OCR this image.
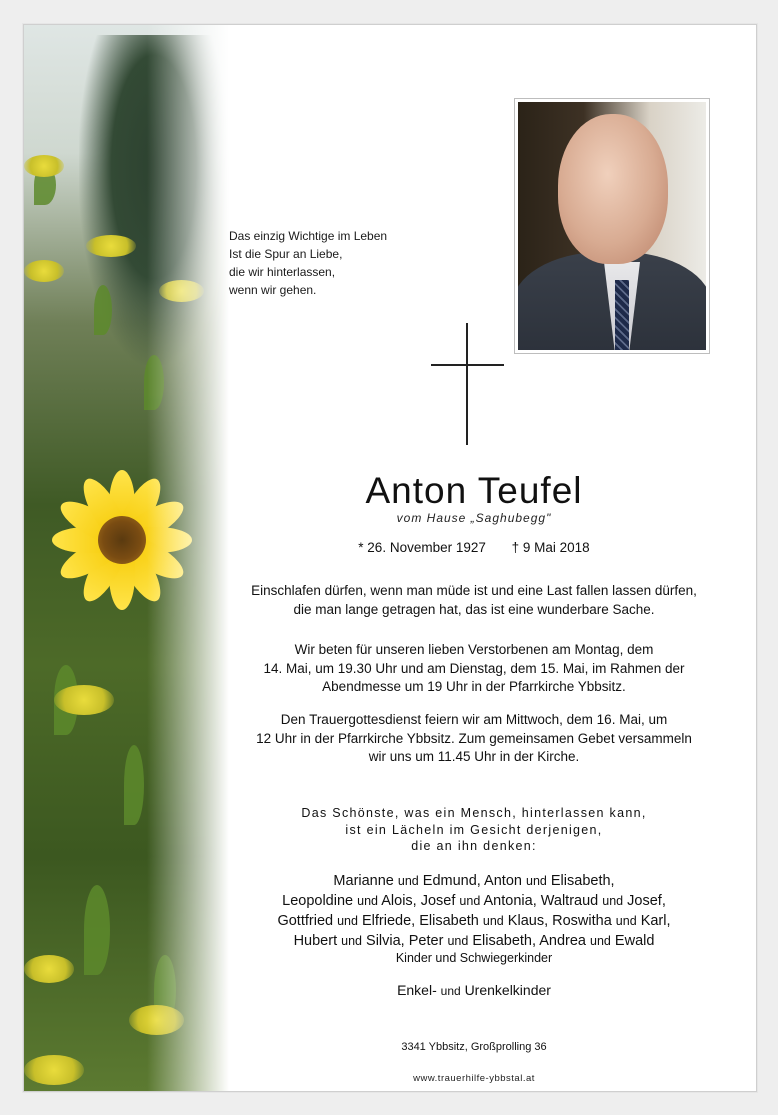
Das einzig Wichtige im Leben
Ist die Spur an Liebe,
die wir hinterlassen,
wenn wir gehen.
Anton Teufel
vom Hause „Saghubegg"
* 26. November 1927 † 9 Mai 2018
Einschlafen dürfen, wenn man müde ist und eine Last fallen lassen dürfen,
die man lange getragen hat, das ist eine wunderbare Sache.
Wir beten für unseren lieben Verstorbenen am Montag, dem
14. Mai, um 19.30 Uhr und am Dienstag, dem 15. Mai, im Rahmen der
Abendmesse um 19 Uhr in der Pfarrkirche Ybbsitz.
Den Trauergottesdienst feiern wir am Mittwoch, dem 16. Mai, um
12 Uhr in der Pfarrkirche Ybbsitz. Zum gemeinsamen Gebet versammeln
wir uns um 11.45 Uhr in der Kirche.
Das Schönste, was ein Mensch, hinterlassen kann,
ist ein Lächeln im Gesicht derjenigen,
die an ihn denken:
Marianne und Edmund, Anton und Elisabeth,
Leopoldine und Alois, Josef und Antonia, Waltraud und Josef,
Gottfried und Elfriede, Elisabeth und Klaus, Roswitha und Karl,
Hubert und Silvia, Peter und Elisabeth, Andrea und Ewald
Kinder und Schwiegerkinder
Enkel- und Urenkelkinder
3341 Ybbsitz, Großprolling 36
www.trauerhilfe-ybbstal.at
